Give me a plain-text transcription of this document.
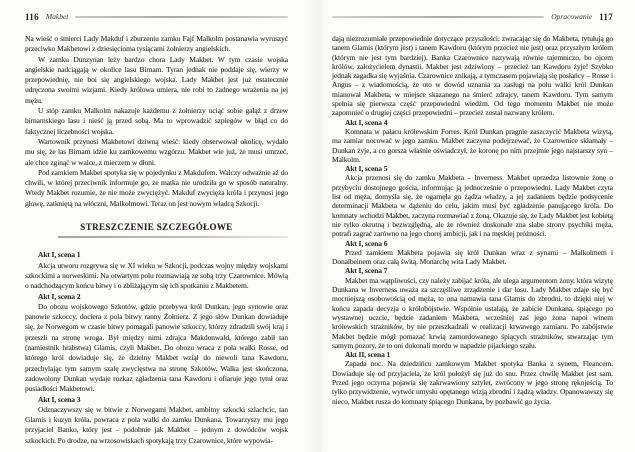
116 Makbet

Na wieść o śmierci Lady Makduf i zburzeniu zamku Fajf Malkolm postanawia wyruszyć przeciwko Makbetowi z dziesięcioma tysiącami żołnierzy angielskich.

W zamku Dunzynan leży bardzo chora Lady Makbet. W tym czasie wojska angielskie nadciągają w okolice lasu Birnam. Tyran jednak nie poddaje się, wierzy w przepowiednię, nie boi się angielskiego wojska. Lady Makbet jest już ostatecznie udręczona swoimi wizjami. Kiedy królowa umiera, nie robi to żadnego wrażenia na jej mężu.

U stóp zamku Malkolm nakazuje każdemu z żołnierzy uciąć sobie gałąź z drzew birnamskiego lasu i nieść ją przed sobą. Ma to wprowadzić szpiegów w błąd co do faktycznej liczebności wojska.

Wartownik przynosi Makbetowi dziwną wieść: kiedy obserwował okolicę, wydało mu się, że las Birnam idzie ku zamkowemu wzgórzu. Makbet wie już, że musi umrzeć, ale chce zginąć w walce, z mieczem w dłoni.

Pod zamkiem Makbet spotyka się w pojedynku z Makdufem. Walczy odważnie aż do chwili, w której przeciwnik informuje go, że matka nie urodziła go w sposób naturalny. Wtedy Makbet rozumie, że nie może zwyciężyć. Makduf zwycięża króla i przynosi jego głowę, zatkniętą na włóczni, Malkolmowi. Teraz on jest nowym władcą Szkocji.

STRESZCZENIE SZCZEGÓŁOWE

Akt I, scena 1

Akcja utworu rozgrywa się w XI wieku w Szkocji, podczas wojny między wojskami szkockimi a norweskimi. Na otwartym polu rozmawiają ze sobą trzy Czarownice. Mówią o nadchodzącym końcu bitwy i o zbliżającym się ich spotkaniu z Makbetem.

Akt I, scena 2

Do obozu wojskowego Szkotów, gdzie przebywa król Dunkan, jego synowie oraz panowie szkoccy, dociera z pola bitwy ranny Żołnierz. Z jego słów Dunkan dowiaduje się, że Norwegom w czasie bitwy pomagali panowie szkoccy, którzy zdradzili swój kraj i przeszli na stronę wroga. Był między nimi zdrajca Makdonwald, którego zabił tan (namiestnik hrabstwa) Glamis, czyli Makbet. Do obozu wraca z pola walki Rosse, od którego król dowiaduje się, że dzielny Makbet wziął do niewoli tana Kawdoru, przechylając tym samym szalę zwycięstwa na stronę Szkotów. Walka jest skończona, zadowolony Dunkan wydaje rozkaz zgładzenia tana Kawdoru i ofiaruje jego tytuł oraz posiadłości Makbetowi.

Akt I, scena 3

Odznaczywszy się w bitwie z Norwegami Makbet, ambitny szkocki szlachcic, tan Glamis i kuzyn króla, powraca z pola walki do zamku Dunkana. Towarzyszy mu jego przyjaciel Banko, który jest – podobnie jak Makbet – jednym z dowódców wojsk szkockich. Po drodze, na wrzosowiskach spotykają trzy Czarownice, które wypowia-

Opracowanie 117

dają niezrozumiałe przepowiednie dotyczące przyszłości: zwracając się do Makbeta, tytułują go tanem Glamis (którym jest) i tanem Kawdoru (którym przecież nie jest) oraz przyszłym królem (którym nie jest tym bardziej). Banka Czarownice nazywają równie tajemniczo, bo ojcem królów, założycielem dynastii. Makbet jest zdziwiony – przecież tan Kawdoru żyje! Szybko jednak zagadka się wyjaśnia. Czarownice znikają, a tymczasem pojawiają się posłańcy – Rosse i Angus – z wiadomością, że oto w dowód uznania za zasługi na polu walki król Dunkan mianował Makbeta, w miejsce skazanego na śmierć zdrajcy, tanem Kawdoru. Tym samym spełnia się pierwsza część przepowiedni wiedźm. Od tego momentu Makbet nie może zapomnieć o drugiej części przepowiedni – przecież został nazwany królem.

Akt I, scena 4

Komnata w pałacu królewskim Forres. Król Dunkan pragnie zaszczycić Makbeta wizytą, ma zamiar nocować w jego zamku. Makbet zaczyna podejrzewać, że Czarownice skłamały – Dunkan żyje, a co gorsza właśnie oświadczył, że koronę po nim przejmie jego najstarszy syn – Malkolm.

Akt I, scena 5

Akcja przenosi się do zamku Makbeta – Inverness. Makbet uprzedza listownie żonę o przybyciu dostojnego gościa, informując ją jednocześnie o przepowiedni. Lady Makbet czyta list od męża, domyśla się, że ogarnęła go żądza władzy, a jej zadaniem będzie podsycenie determinacji Makbeta w dążeniu do celu, jakim musi być zgładzenie panującego króla. Do komnaty wchodzi Makbet, zaczyna rozmawiać z żoną. Okazuje się, że Lady Makbet jest kobietą nie tylko okrutną i bezwzględną, ale że również doskonale zna słabe strony psychiki męża, potrafi zagrać zarówno na jego chorej ambicji, jak i na męskiej próżności.

Akt I, scena 6

Przed zamkiem Makbeta pojawia się król Dunkan wraz z synami – Malkolmem i Donalbeinem oraz całą świtą. Monarchę wita Lady Makbet.

Akt I, scena 7

Makbet ma wątpliwości, czy należy zabijać króla, ale ulega argumentom żony, która wizytę Dunkana w Inverness uważa za szczęśliwe zrządzenie i dar losu. Lady Makbet zdaje się być mocniejszą osobowością od męża, to ona namawia tana Glamis do zbrodni, to dzięki niej w końcu zapada decyzja o królobójstwie. Wspólnie ustalają, że zabicie Dunkana, śpiącego po wystawnej uczcie, będzie zadaniem Makbeta, wcześniej zaś jego żona napoi winem królewskich strażników, by nie przeszkadzali w realizacji krwawego zamiaru. Po zabójstwie Makbet będzie mógł pomazać krwią zamordowanego śpiących strażników, stwarzając tym samym pozory, że to oni dokonali mordu w napadzie pijackiego szału.

Akt II, scena 1

Zapada noc. Na dziedzińcu zamkowym Makbet spotyka Banka z synem, Fleancem. Dowiaduje się od przyjaciela, że król położył się już do snu. Przez chwilę Makbet jest sam. Przed jego oczyma pojawia się zakrwawiony sztylet, zwrócony w jego stronę rękojeścią. To tylko przywidzenie, wytwór umysłu opętanego wizją zbrodni i żądzą władzy. Opanowawszy się nieco, Makbet rusza do komnaty śpiącego Dunkana, by pozbawić go życia.
